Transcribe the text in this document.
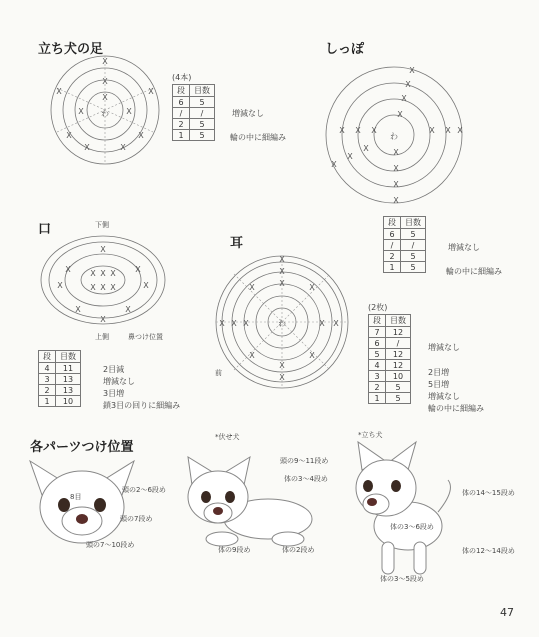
立ち犬の足
X
X
X
X	X
X	X
X	X
X	X
わ
(4本)
段	目数
6	5
/	/
2	5
1	5
増減なし
輪の中に細編み
しっぽ
X
X
X
X
X
X
X
X
X X X	X X X
X
X
X
わ
段	目数
6	5
/	/
2	5
1	5
増減なし
輪の中に細編み
口	下側
X X X
X X X
X	X
X	X
X	X
X
X
上側	鼻つけ位置
段	目数
4	11
3	13
2	13
1	10
2目減
増減なし
3目増
鎖3目の回りに細編み
耳
X
X
X
X X X	X X
X	X
X	X
X
X
わ
前
(2枚)
段	目数
7	12
6	/
5	12
4	12
3	10
2	5
1	5
増減なし
2目増
5目増
増減なし
輪の中に細編み
各パーツつけ位置
*伏せ犬	*立ち犬
8目
頭の2〜6段め
頭の7段め
頭の7〜10段め
頭の9〜11段め
体の3〜4段め
体の9段め	体の2段め
体の14〜15段め
体の3〜6段め
体の12〜14段め
体の3〜5段め
47
